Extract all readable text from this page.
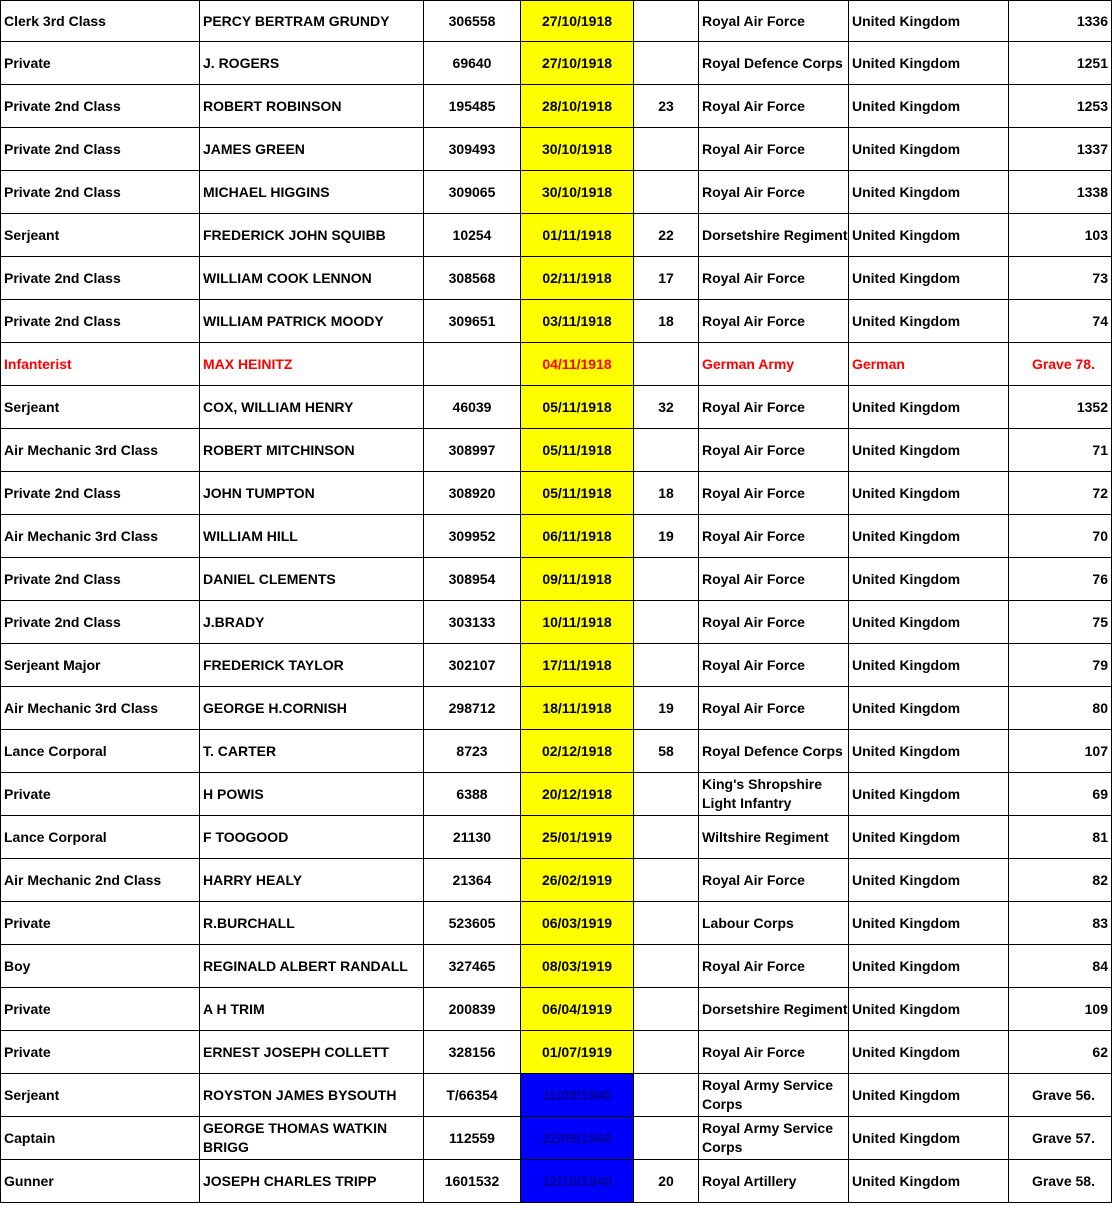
Clerk 3rd Class	PERCY BERTRAM GRUNDY	306558	27/10/1918		Royal Air Force	United Kingdom	1336
Private	J. ROGERS	69640	27/10/1918		Royal Defence Corps	United Kingdom	1251
Private 2nd Class	ROBERT ROBINSON	195485	28/10/1918	23	Royal Air Force	United Kingdom	1253
Private 2nd Class	JAMES GREEN	309493	30/10/1918		Royal Air Force	United Kingdom	1337
Private 2nd Class	MICHAEL HIGGINS	309065	30/10/1918		Royal Air Force	United Kingdom	1338
Serjeant	FREDERICK JOHN SQUIBB	10254	01/11/1918	22	Dorsetshire Regiment	United Kingdom	103
Private 2nd Class	WILLIAM COOK LENNON	308568	02/11/1918	17	Royal Air Force	United Kingdom	73
Private 2nd Class	WILLIAM PATRICK MOODY	309651	03/11/1918	18	Royal Air Force	United Kingdom	74
Infanterist	MAX HEINITZ		04/11/1918		German Army	German	Grave 78.
Serjeant	COX, WILLIAM HENRY	46039	05/11/1918	32	Royal Air Force	United Kingdom	1352
Air Mechanic 3rd Class	ROBERT MITCHINSON	308997	05/11/1918		Royal Air Force	United Kingdom	71
Private 2nd Class	JOHN TUMPTON	308920	05/11/1918	18	Royal Air Force	United Kingdom	72
Air Mechanic 3rd Class	WILLIAM HILL	309952	06/11/1918	19	Royal Air Force	United Kingdom	70
Private 2nd Class	DANIEL CLEMENTS	308954	09/11/1918		Royal Air Force	United Kingdom	76
Private 2nd Class	J.BRADY	303133	10/11/1918		Royal Air Force	United Kingdom	75
Serjeant Major	FREDERICK TAYLOR	302107	17/11/1918		Royal Air Force	United Kingdom	79
Air Mechanic 3rd Class	GEORGE H.CORNISH	298712	18/11/1918	19	Royal Air Force	United Kingdom	80
Lance Corporal	T. CARTER	8723	02/12/1918	58	Royal Defence Corps	United Kingdom	107
Private	H POWIS	6388	20/12/1918		King's Shropshire Light Infantry	United Kingdom	69
Lance Corporal	F TOOGOOD	21130	25/01/1919		Wiltshire Regiment	United Kingdom	81
Air Mechanic 2nd Class	HARRY HEALY	21364	26/02/1919		Royal Air Force	United Kingdom	82
Private	R.BURCHALL	523605	06/03/1919		Labour Corps	United Kingdom	83
Boy	REGINALD ALBERT RANDALL	327465	08/03/1919		Royal Air Force	United Kingdom	84
Private	A H TRIM	200839	06/04/1919		Dorsetshire Regiment	United Kingdom	109
Private	ERNEST JOSEPH COLLETT	328156	01/07/1919		Royal Air Force	United Kingdom	62
Serjeant	ROYSTON JAMES BYSOUTH	T/66354	11/09/1940		Royal Army Service Corps	United Kingdom	Grave 56.
Captain	GEORGE THOMAS WATKIN BRIGG	112559	22/09/1940		Royal Army Service Corps	United Kingdom	Grave 57.
Gunner	JOSEPH CHARLES TRIPP	1601532	12/10/1940	20	Royal Artillery	United Kingdom	Grave 58.
